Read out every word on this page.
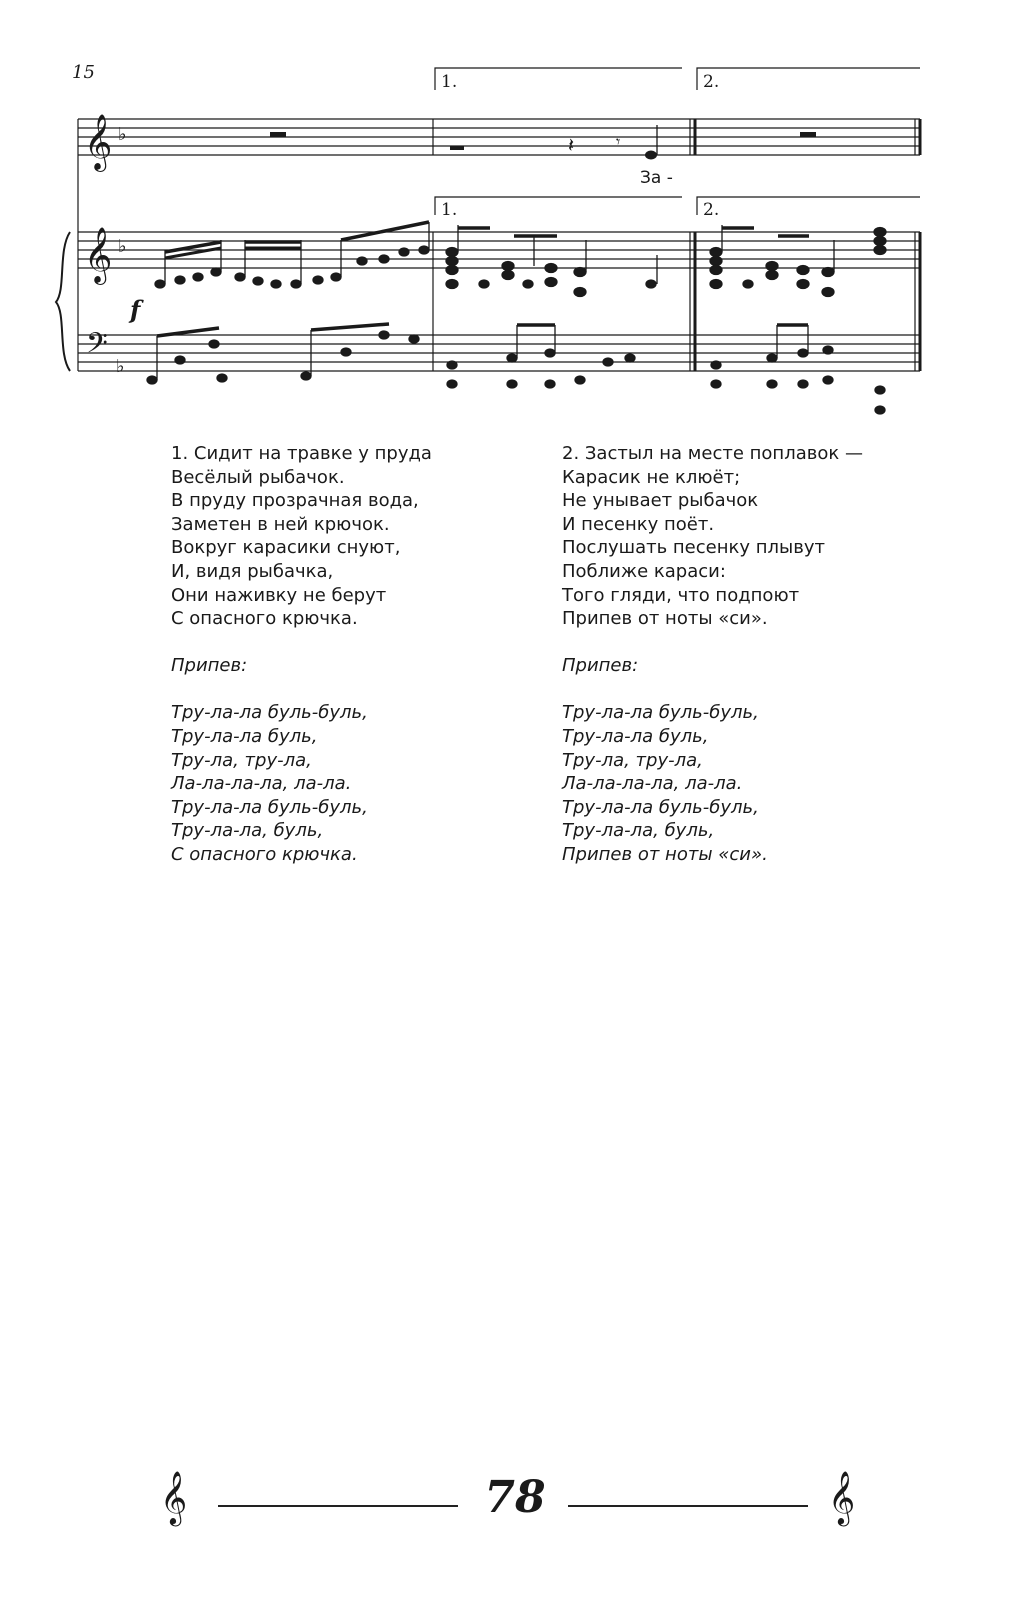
𝄞
𝄞
𝄢
♭
♭
♭
𝄽	𝄾
f
15	1.	2.
1.	2.
За -
1. Сидит на травке у пруда
Весёлый рыбачок.
В пруду прозрачная вода,
Заметен в ней крючок.
Вокруг карасики снуют,
И, видя рыбачка,
Они наживку не берут
С опасного крючка.
Припев:
Тру-ла-ла буль-буль,
Тру-ла-ла буль,
Тру-ла, тру-ла,
Ла-ла-ла-ла, ла-ла.
Тру-ла-ла буль-буль,
Тру-ла-ла, буль,
С опасного крючка.
2. Застыл на месте поплавок —
Карасик не клюёт;
Не унывает рыбачок
И песенку поёт.
Послушать песенку плывут
Поближе караси:
Того гляди, что подпоют
Припев от ноты «си».
Припев:
Тру-ла-ла буль-буль,
Тру-ла-ла буль,
Тру-ла, тру-ла,
Ла-ла-ла-ла, ла-ла.
Тру-ла-ла буль-буль,
Тру-ла-ла, буль,
Припев от ноты «си».
𝄞	78	𝄞
